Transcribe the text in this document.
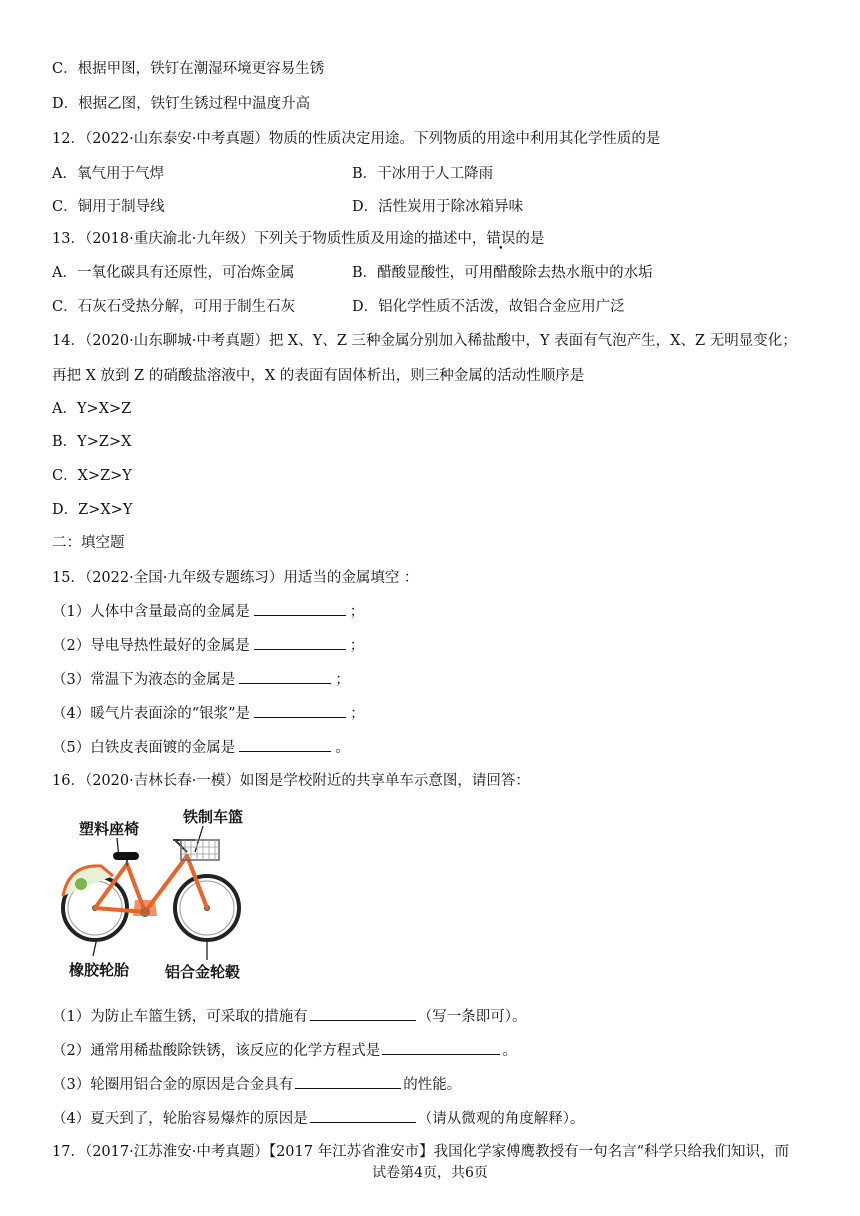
C．根据甲图，铁钉在潮湿环境更容易生锈
D．根据乙图，铁钉生锈过程中温度升高
12．（2022·山东泰安·中考真题）物质的性质决定用途。下列物质的用途中利用其化学性质的是
A．氧气用于气焊	B．干冰用于人工降雨
C．铜用于制导线	D．活性炭用于除冰箱异味
13．（2018·重庆渝北·九年级）下列关于物质性质及用途的描述中，错误的是
A．一氧化碳具有还原性，可冶炼金属	B．醋酸显酸性，可用醋酸除去热水瓶中的水垢
C．石灰石受热分解，可用于制生石灰	D．铝化学性质不活泼，故铝合金应用广泛
14．（2020·山东聊城·中考真题）把 X、Y、Z 三种金属分别加入稀盐酸中，Y 表面有气泡产生，X、Z 无明显变化；
再把 X 放到 Z 的硝酸盐溶液中，X 的表面有固体析出，则三种金属的活动性顺序是
A．Y>X>Z
B．Y>Z>X
C．X>Z>Y
D．Z>X>Y
二：填空题
15．（2022·全国·九年级专题练习）用适当的金属填空 ：
（1）人体中含量最高的金属是	；
（2）导电导热性最好的金属是	；
（3）常温下为液态的金属是	；
（4）暖气片表面涂的“银浆”是	；
（5）白铁皮表面镀的金属是	。
16．（2020·吉林长春·一模）如图是学校附近的共享单车示意图，请回答：
塑料座椅
铁制车篮
橡胶轮胎 铝合金轮毂
（1）为防止车篮生锈，可采取的措施有	（写一条即可）。
（2）通常用稀盐酸除铁锈，该反应的化学方程式是	。
（3）轮圈用铝合金的原因是合金具有	的性能。
（4）夏天到了，轮胎容易爆炸的原因是	（请从微观的角度解释）。
17．（2017·江苏淮安·中考真题）【2017 年江苏省淮安市】我国化学家傅鹰教授有一句名言“科学只给我们知识，而
试卷第4页，共6页
